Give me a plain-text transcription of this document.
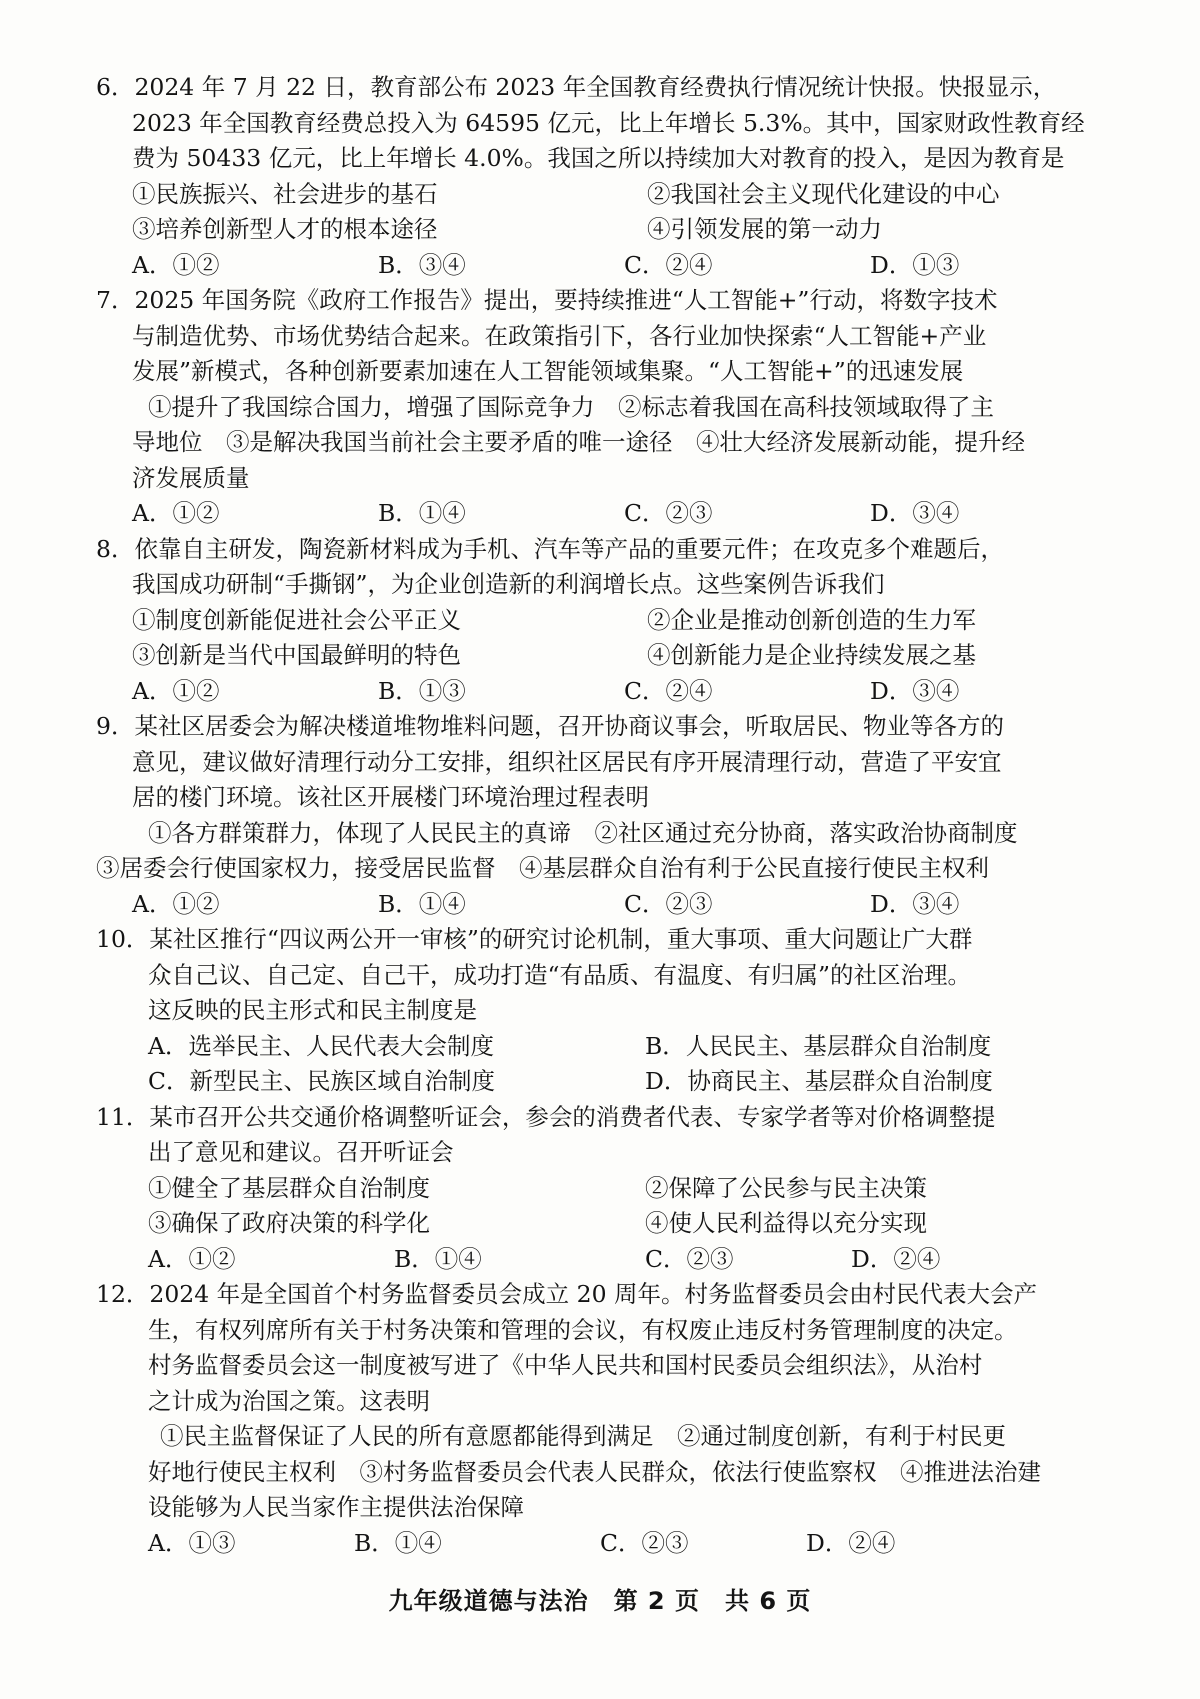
6．2024 年 7 月 22 日，教育部公布 2023 年全国教育经费执行情况统计快报。快报显示，
2023 年全国教育经费总投入为 64595 亿元，比上年增长 5.3%。其中，国家财政性教育经
费为 50433 亿元，比上年增长 4.0%。我国之所以持续加大对教育的投入，是因为教育是
①民族振兴、社会进步的基石	②我国社会主义现代化建设的中心
③培养创新型人才的根本途径	④引领发展的第一动力
A．①②	B．③④	C．②④	D．①③
7．2025 年国务院《政府工作报告》提出，要持续推进“人工智能+”行动，将数字技术
与制造优势、市场优势结合起来。在政策指引下，各行业加快探索“人工智能+产业
发展”新模式，各种创新要素加速在人工智能领域集聚。“人工智能+”的迅速发展
①提升了我国综合国力，增强了国际竞争力　②标志着我国在高科技领域取得了主
导地位　③是解决我国当前社会主要矛盾的唯一途径　④壮大经济发展新动能，提升经
济发展质量
A．①②	B．①④	C．②③	D．③④
8．依靠自主研发，陶瓷新材料成为手机、汽车等产品的重要元件；在攻克多个难题后，
我国成功研制“手撕钢”，为企业创造新的利润增长点。这些案例告诉我们
①制度创新能促进社会公平正义	②企业是推动创新创造的生力军
③创新是当代中国最鲜明的特色	④创新能力是企业持续发展之基
A．①②	B．①③	C．②④	D．③④
9．某社区居委会为解决楼道堆物堆料问题，召开协商议事会，听取居民、物业等各方的
意见，建议做好清理行动分工安排，组织社区居民有序开展清理行动，营造了平安宜
居的楼门环境。该社区开展楼门环境治理过程表明
①各方群策群力，体现了人民民主的真谛　②社区通过充分协商，落实政治协商制度
③居委会行使国家权力，接受居民监督　④基层群众自治有利于公民直接行使民主权利
A．①②	B．①④	C．②③	D．③④
10．某社区推行“四议两公开一审核”的研究讨论机制，重大事项、重大问题让广大群
众自己议、自己定、自己干，成功打造“有品质、有温度、有归属”的社区治理。
这反映的民主形式和民主制度是
A．选举民主、人民代表大会制度	B．人民民主、基层群众自治制度
C．新型民主、民族区域自治制度	D．协商民主、基层群众自治制度
11．某市召开公共交通价格调整听证会，参会的消费者代表、专家学者等对价格调整提
出了意见和建议。召开听证会
①健全了基层群众自治制度	②保障了公民参与民主决策
③确保了政府决策的科学化	④使人民利益得以充分实现
A．①②	B．①④	C．②③	D．②④
12．2024 年是全国首个村务监督委员会成立 20 周年。村务监督委员会由村民代表大会产
生，有权列席所有关于村务决策和管理的会议，有权废止违反村务管理制度的决定。
村务监督委员会这一制度被写进了《中华人民共和国村民委员会组织法》，从治村
之计成为治国之策。这表明
①民主监督保证了人民的所有意愿都能得到满足　②通过制度创新，有利于村民更
好地行使民主权利　③村务监督委员会代表人民群众，依法行使监察权　④推进法治建
设能够为人民当家作主提供法治保障
A．①③	B．①④	C．②③	D．②④
九年级道德与法治　第 2 页　共 6 页
